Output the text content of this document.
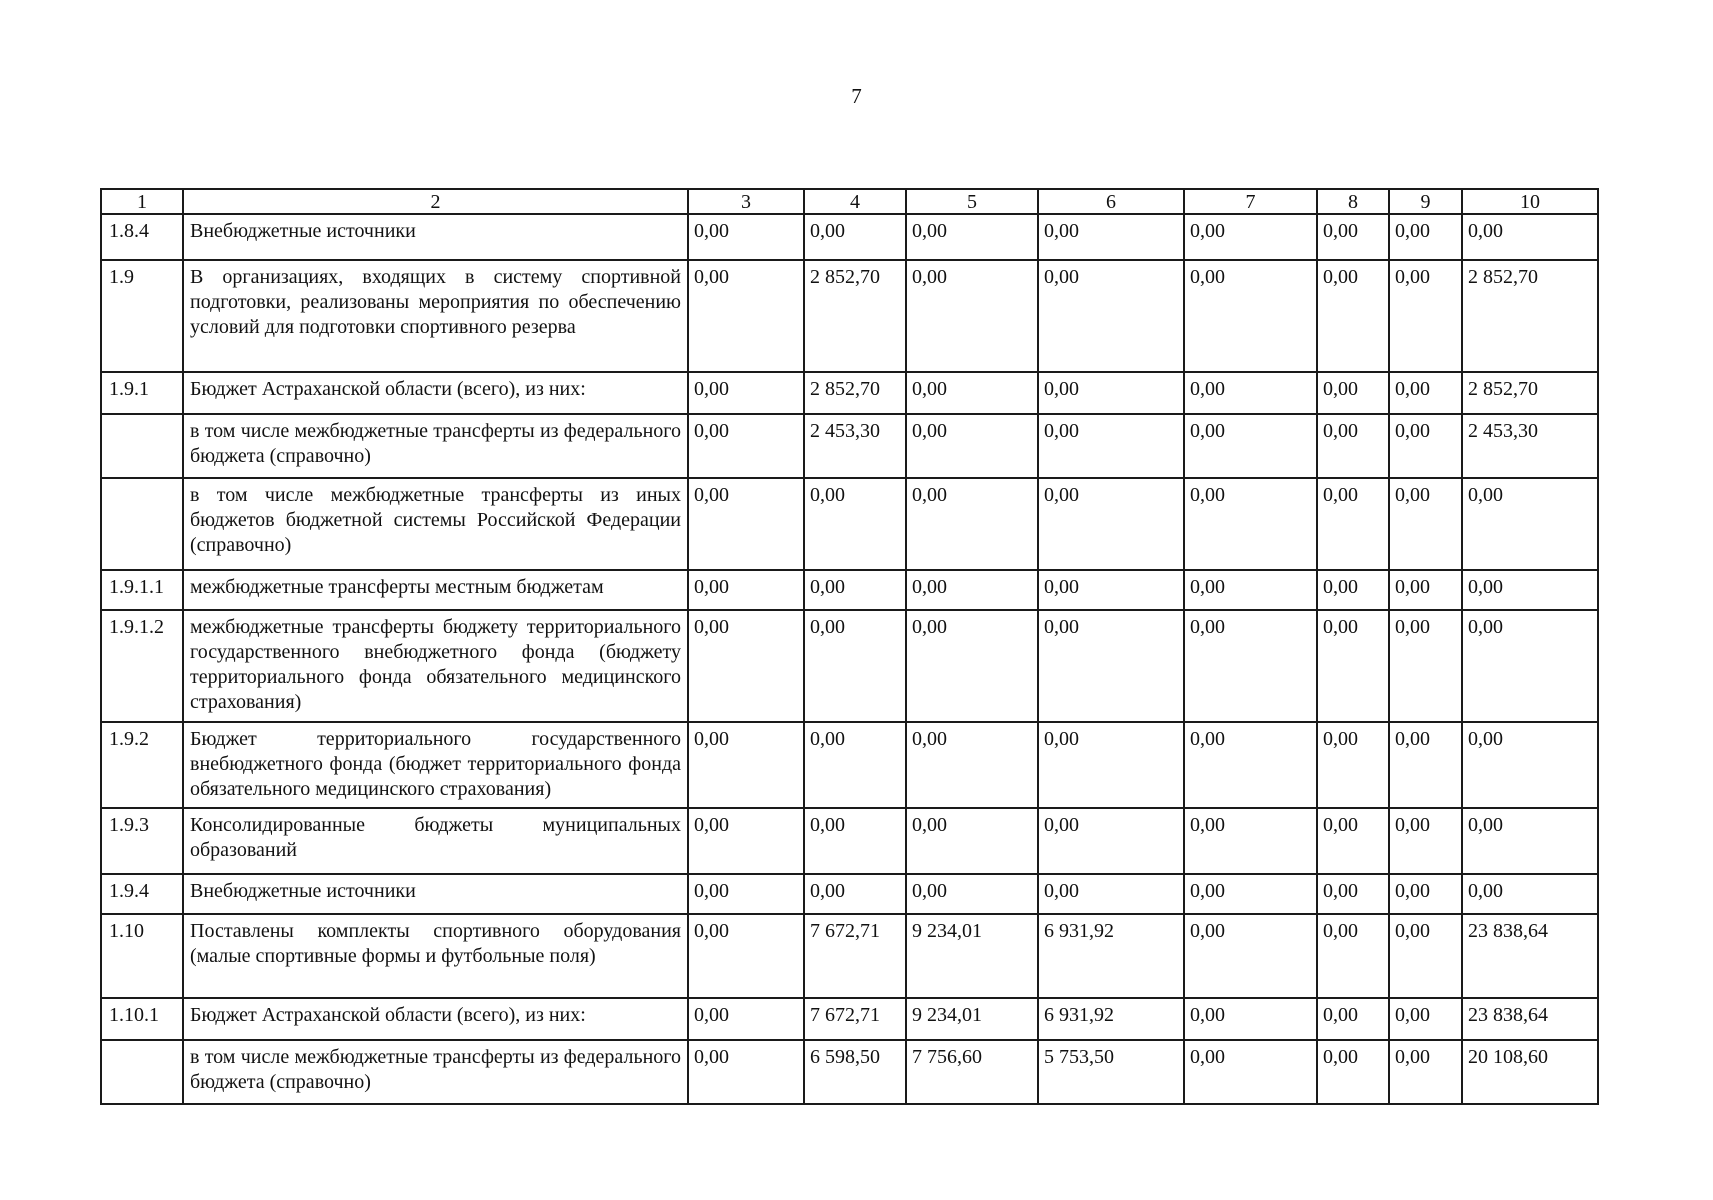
7
1	2	3	4	5	6	7	8	9	10
1.8.4	Внебюджетные источники	0,00	0,00	0,00	0,00	0,00	0,00	0,00	0,00
1.9	В организациях, входящих в систему спортивной подготовки, реализованы мероприятия по обеспечению условий для подготовки спортивного резерва	0,00	2 852,70	0,00	0,00	0,00	0,00	0,00	2 852,70
1.9.1	Бюджет Астраханской области (всего), из них:	0,00	2 852,70	0,00	0,00	0,00	0,00	0,00	2 852,70
	в том числе межбюджетные трансферты из федерального бюджета (справочно)	0,00	2 453,30	0,00	0,00	0,00	0,00	0,00	2 453,30
	в том числе межбюджетные трансферты из иных бюджетов бюджетной системы Российской Федерации (справочно)	0,00	0,00	0,00	0,00	0,00	0,00	0,00	0,00
1.9.1.1	межбюджетные трансферты местным бюджетам	0,00	0,00	0,00	0,00	0,00	0,00	0,00	0,00
1.9.1.2	межбюджетные трансферты бюджету территориального государственного внебюджетного фонда (бюджету территориального фонда обязательного медицинского страхования)	0,00	0,00	0,00	0,00	0,00	0,00	0,00	0,00
1.9.2	Бюджет территориального государственного внебюджетного фонда (бюджет территориального фонда обязательного медицинского страхования)	0,00	0,00	0,00	0,00	0,00	0,00	0,00	0,00
1.9.3	Консолидированные бюджеты муниципальных образований	0,00	0,00	0,00	0,00	0,00	0,00	0,00	0,00
1.9.4	Внебюджетные источники	0,00	0,00	0,00	0,00	0,00	0,00	0,00	0,00
1.10	Поставлены комплекты спортивного оборудования (малые спортивные формы и футбольные поля)	0,00	7 672,71	9 234,01	6 931,92	0,00	0,00	0,00	23 838,64
1.10.1	Бюджет Астраханской области (всего), из них:	0,00	7 672,71	9 234,01	6 931,92	0,00	0,00	0,00	23 838,64
	в том числе межбюджетные трансферты из федерального бюджета (справочно)	0,00	6 598,50	7 756,60	5 753,50	0,00	0,00	0,00	20 108,60
